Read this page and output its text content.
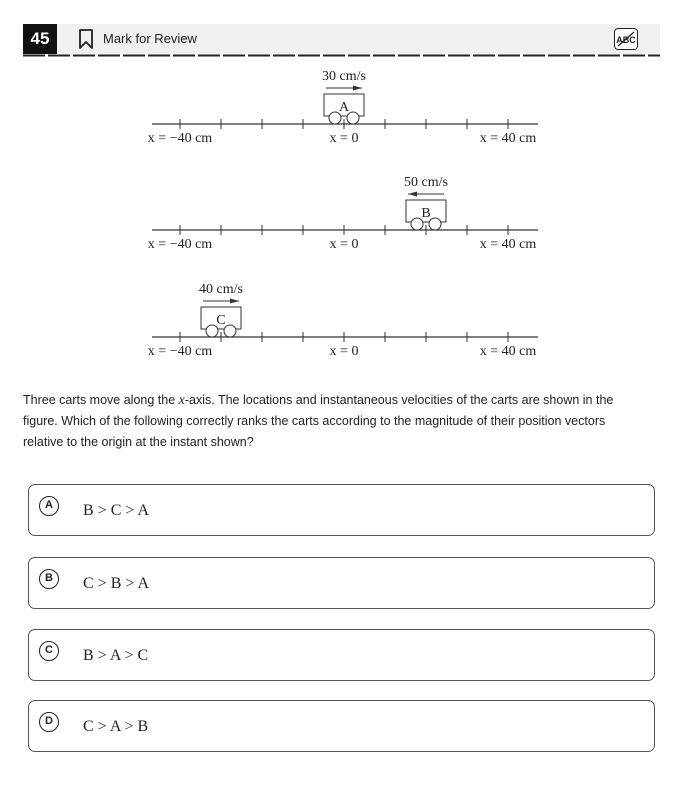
45	Mark for Review	ABC
x = −40 cm	x = 0	x = 40 cm
A
30 cm/s
x = −40 cm	x = 0	x = 40 cm
B
50 cm/s
x = −40 cm	x = 0	x = 40 cm
C
40 cm/s
Three carts move along the x-axis. The locations and instantaneous velocities of the carts are shown in the figure. Which of the following correctly ranks the carts according to the magnitude of their position vectors relative to the origin at the instant shown?
A	B > C > A
B	C > B > A
C	B > A > C
D	C > A > B
